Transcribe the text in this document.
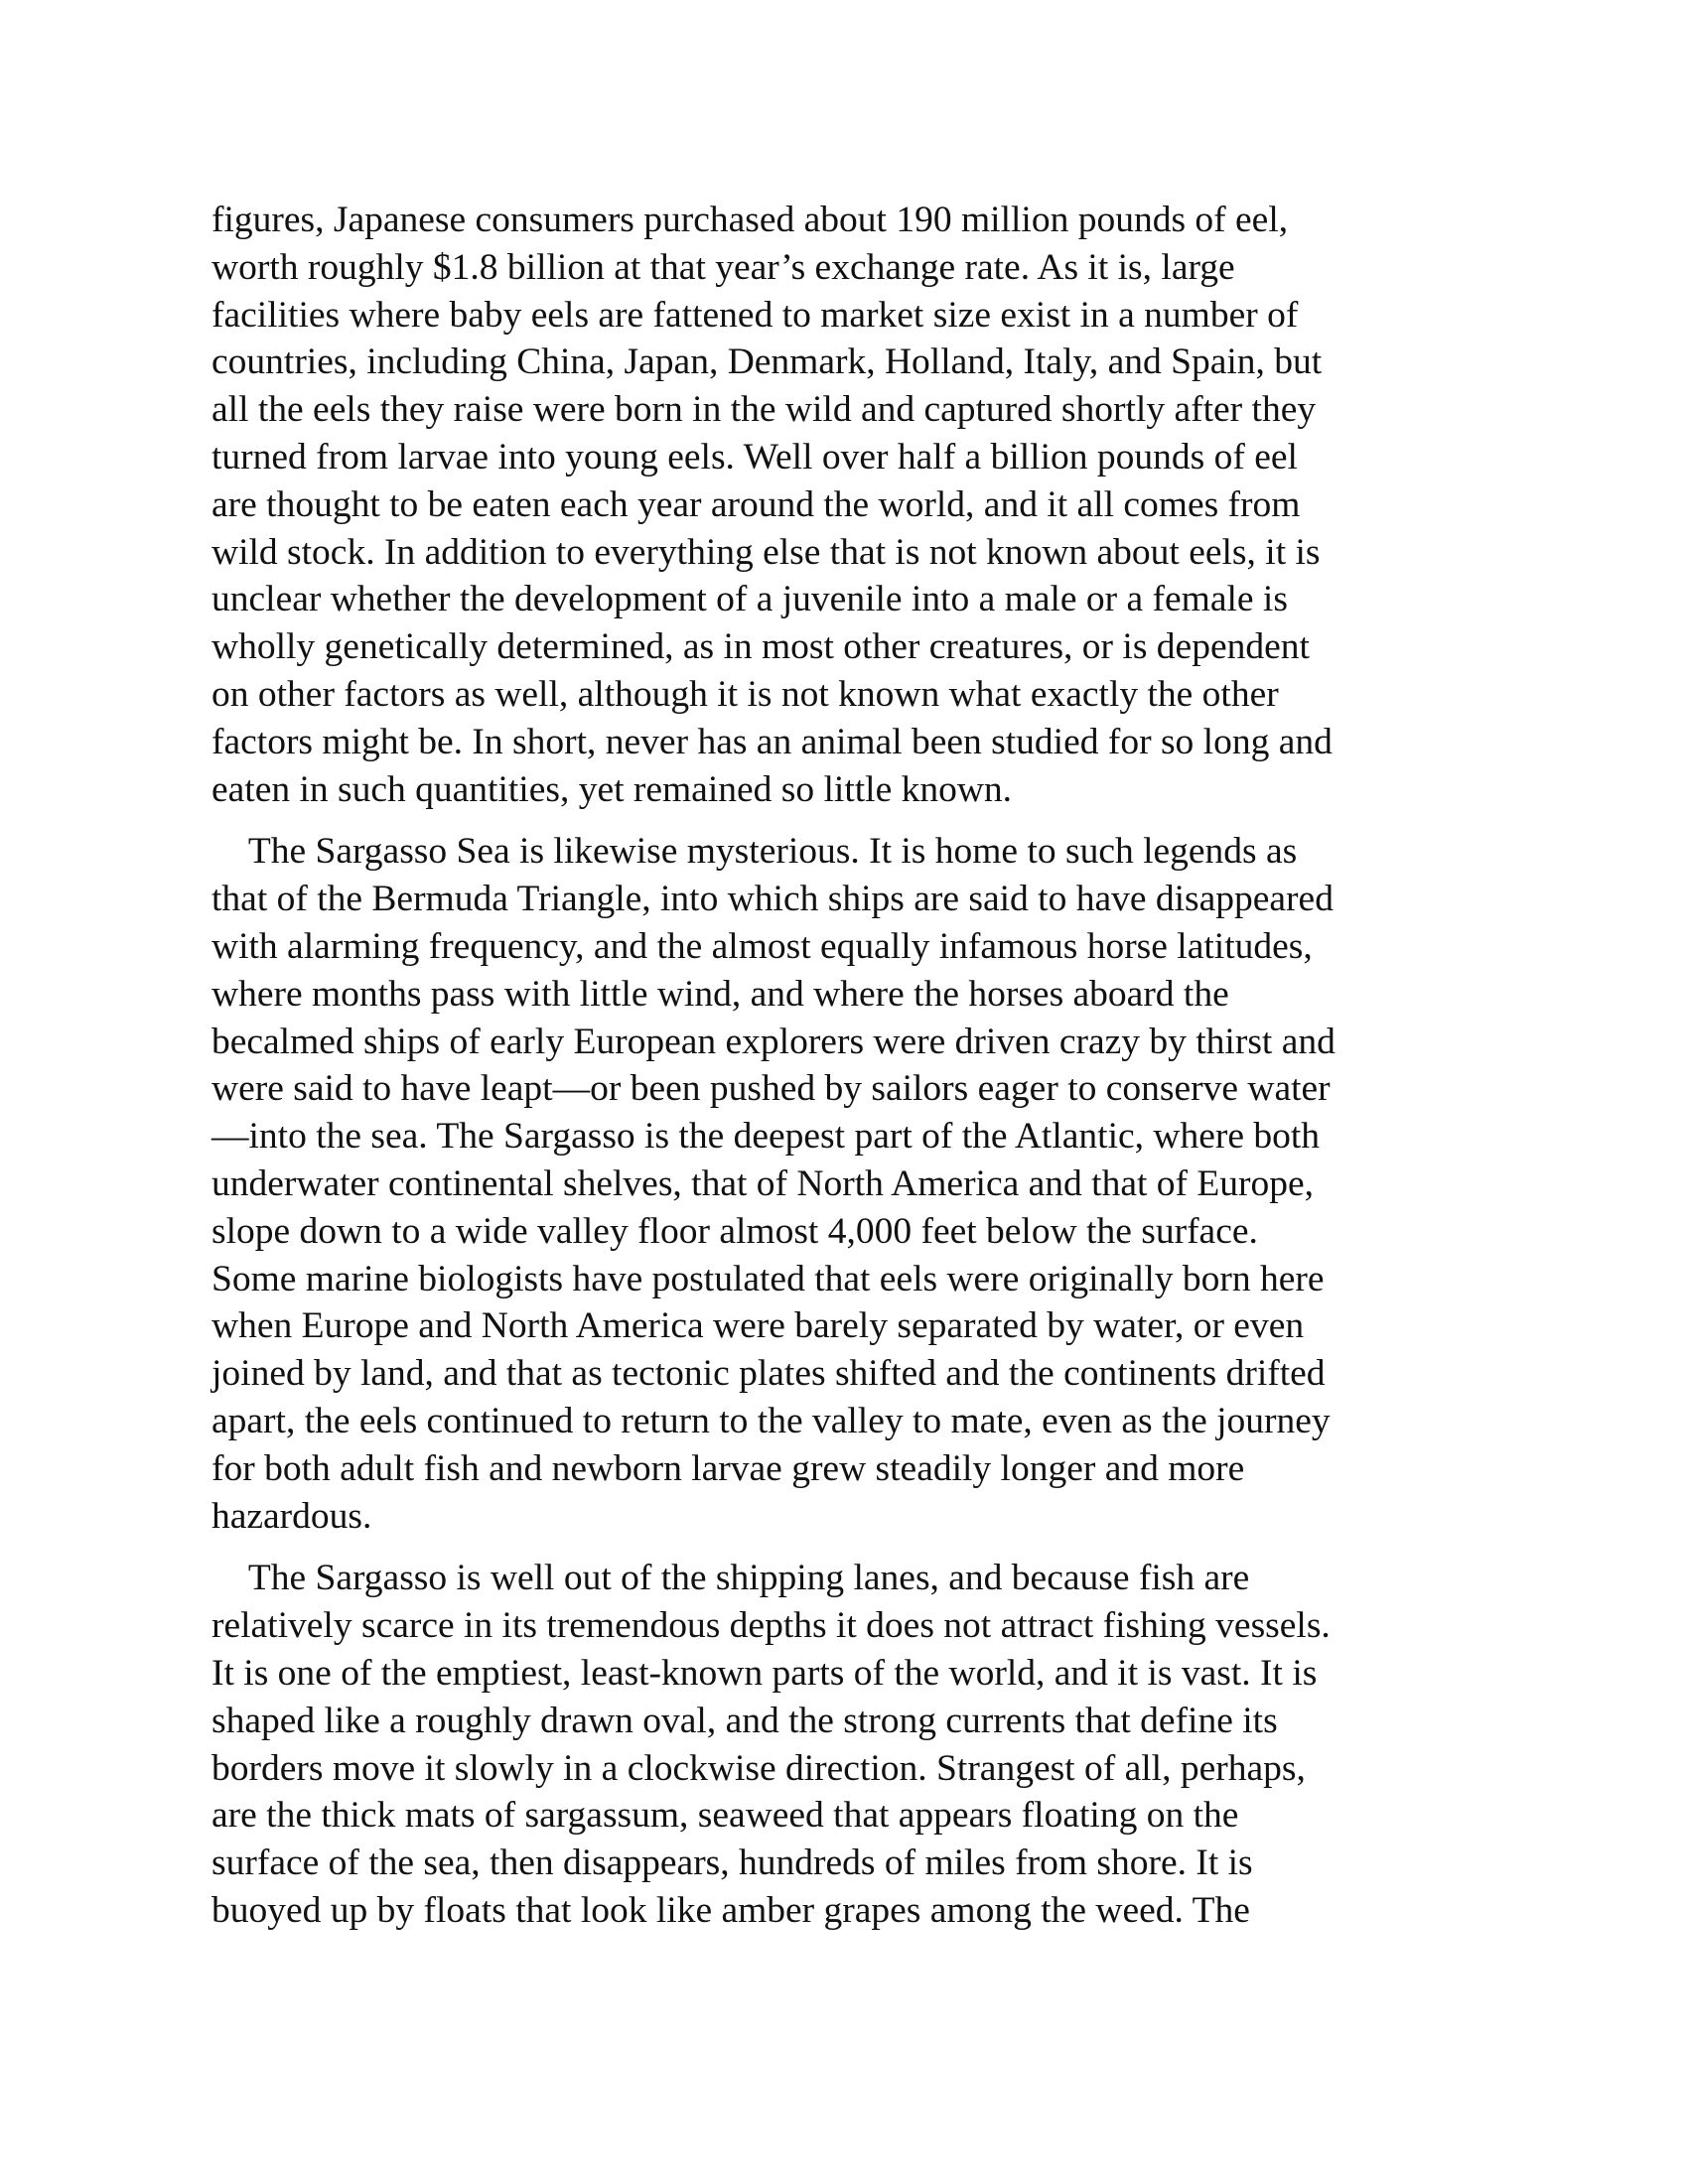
figures, Japanese consumers purchased about 190 million pounds of eel,
worth roughly $1.8 billion at that year’s exchange rate. As it is, large
facilities where baby eels are fattened to market size exist in a number of
countries, including China, Japan, Denmark, Holland, Italy, and Spain, but
all the eels they raise were born in the wild and captured shortly after they
turned from larvae into young eels. Well over half a billion pounds of eel
are thought to be eaten each year around the world, and it all comes from
wild stock. In addition to everything else that is not known about eels, it is
unclear whether the development of a juvenile into a male or a female is
wholly genetically determined, as in most other creatures, or is dependent
on other factors as well, although it is not known what exactly the other
factors might be. In short, never has an animal been studied for so long and
eaten in such quantities, yet remained so little known.

The Sargasso Sea is likewise mysterious. It is home to such legends as
that of the Bermuda Triangle, into which ships are said to have disappeared
with alarming frequency, and the almost equally infamous horse latitudes,
where months pass with little wind, and where the horses aboard the
becalmed ships of early European explorers were driven crazy by thirst and
were said to have leapt—or been pushed by sailors eager to conserve water
—into the sea. The Sargasso is the deepest part of the Atlantic, where both
underwater continental shelves, that of North America and that of Europe,
slope down to a wide valley floor almost 4,000 feet below the surface.
Some marine biologists have postulated that eels were originally born here
when Europe and North America were barely separated by water, or even
joined by land, and that as tectonic plates shifted and the continents drifted
apart, the eels continued to return to the valley to mate, even as the journey
for both adult fish and newborn larvae grew steadily longer and more
hazardous.

The Sargasso is well out of the shipping lanes, and because fish are
relatively scarce in its tremendous depths it does not attract fishing vessels.
It is one of the emptiest, least-known parts of the world, and it is vast. It is
shaped like a roughly drawn oval, and the strong currents that define its
borders move it slowly in a clockwise direction. Strangest of all, perhaps,
are the thick mats of sargassum, seaweed that appears floating on the
surface of the sea, then disappears, hundreds of miles from shore. It is
buoyed up by floats that look like amber grapes among the weed. The
